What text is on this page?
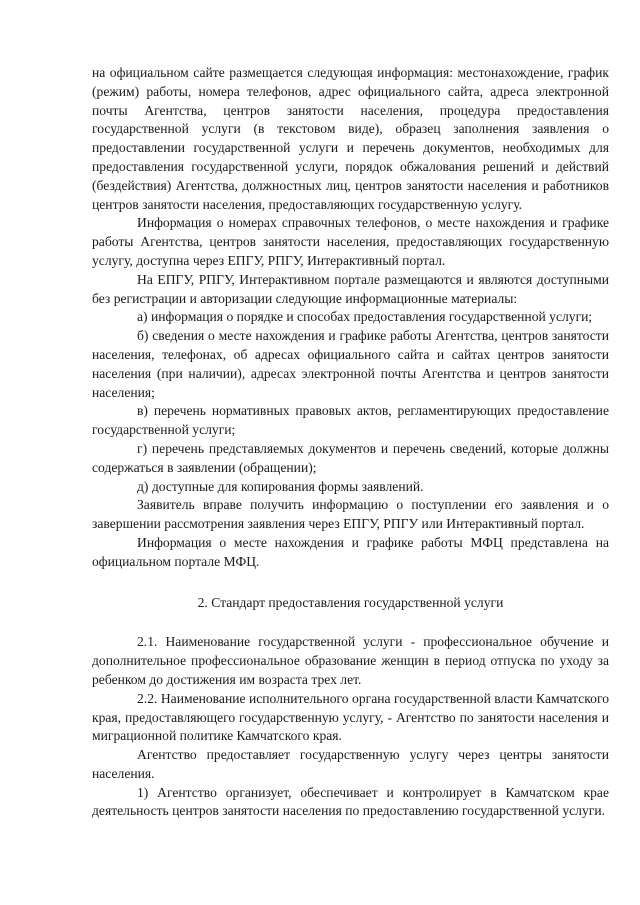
на официальном сайте размещается следующая информация: местонахождение, график (режим) работы, номера телефонов, адрес официального сайта, адреса электронной почты Агентства, центров занятости населения, процедура предоставления государственной услуги (в текстовом виде), образец заполнения заявления о предоставлении государственной услуги и перечень документов, необходимых для предоставления государственной услуги, порядок обжалования решений и действий (бездействия) Агентства, должностных лиц, центров занятости населения и работников центров занятости населения, предоставляющих государственную услугу.

Информация о номерах справочных телефонов, о месте нахождения и графике работы Агентства, центров занятости населения, предоставляющих государственную услугу, доступна через ЕПГУ, РПГУ, Интерактивный портал.

На ЕПГУ, РПГУ, Интерактивном портале размещаются и являются доступными без регистрации и авторизации следующие информационные материалы:

а) информация о порядке и способах предоставления государственной услуги;

б) сведения о месте нахождения и графике работы Агентства, центров занятости населения, телефонах, об адресах официального сайта и сайтах центров занятости населения (при наличии), адресах электронной почты Агентства и центров занятости населения;

в) перечень нормативных правовых актов, регламентирующих предоставление государственной услуги;

г) перечень представляемых документов и перечень сведений, которые должны содержаться в заявлении (обращении);

д) доступные для копирования формы заявлений.

Заявитель вправе получить информацию о поступлении его заявления и о завершении рассмотрения заявления через ЕПГУ, РПГУ или Интерактивный портал.

Информация о месте нахождения и графике работы МФЦ представлена на официальном портале МФЦ.

2. Стандарт предоставления государственной услуги

2.1. Наименование государственной услуги - профессиональное обучение и дополнительное профессиональное образование женщин в период отпуска по уходу за ребенком до достижения им возраста трех лет.

2.2. Наименование исполнительного органа государственной власти Камчатского края, предоставляющего государственную услугу, - Агентство по занятости населения и миграционной политике Камчатского края.

Агентство предоставляет государственную услугу через центры занятости населения.

1) Агентство организует, обеспечивает и контролирует в Камчатском крае деятельность центров занятости населения по предоставлению государственной услуги.
